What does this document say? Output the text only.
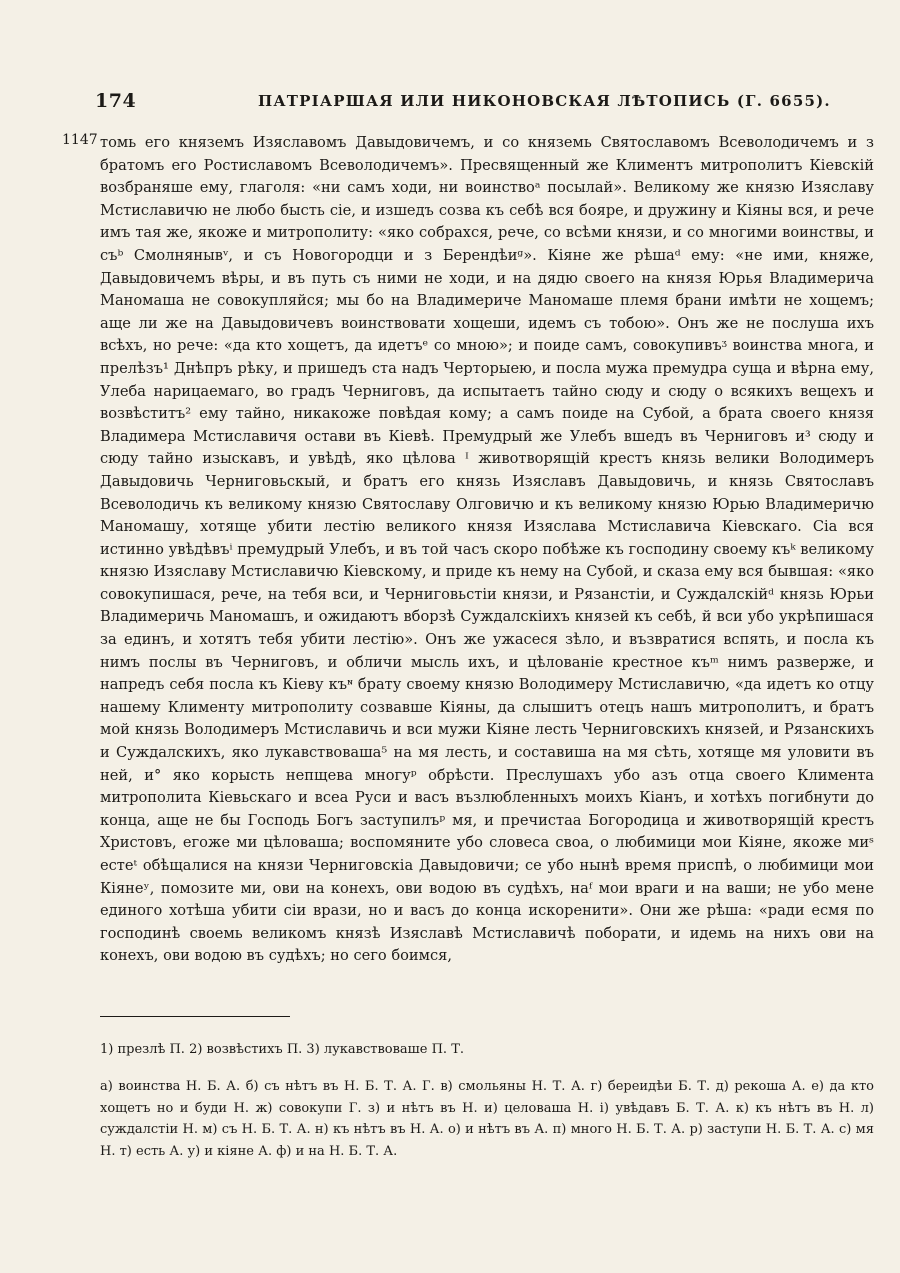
174	ПАТРІАРШАЯ ИЛИ НИКОНОВСКАЯ ЛѢТОПИСЬ (Г. 6655).
1147 томь его княземъ Изяславомъ Давыдовичемъ, и со княземь Святославомъ Всеволодичемъ и з братомъ его Ростиславомъ Всеволодичемъ». Пресвященный же Климентъ митрополитъ Кіевскій возбраняше ему, глаголя: «ни самъ ходи, ни воинствоᵃ посылай». Великому же князю Изяславу Мстиславичю не любо бысть сіе, и изшедъ созва къ себѣ вся бояре, и дружину и Кіяны вся, и рече имъ тая же, якоже и митрополиту: «яко собрахся, рече, со всѣми князи, и со многими воинствы, и съᵇ Смолнянывᵛ, и съ Новогородци и з Берендѣиᵍ». Кіяне же рѣшаᵈ ему: «не ими, княже, Давыдовичемъ вѣры, и въ путь съ ними не ходи, и на дядю своего на князя Юрья Владимерича Маномаша не совокупляйся; мы бо на Владимериче Маномаше племя брани имѣти не хощемъ; аще ли же на Давыдовичевъ воинствовати хощеши, идемъ съ тобою». Онъ же не послуша ихъ всѣхъ, но рече: «да кто хощетъ, да идетъᵉ со мною»; и поиде самъ, совокупивъᶾ воинства многа, и прелѣзъ¹ Днѣпръ рѣку, и пришедъ ста надъ Черторыею, и посла мужа премудра суща и вѣрна ему, Улеба нарицаемаго, во градъ Черниговъ, да испытаетъ тайно сюду и сюду о всякихъ вещехъ и возвѣститъ² ему тайно, никакоже повѣдая кому; а самъ поиде на Субой, а брата своего князя Владимера Мстиславичя остави въ Кіевѣ. Премудрый же Улебъ вшедъ въ Черниговъ и³ сюду и сюду тайно изыскавъ, и увѣдѣ, яко цѣлова ᴵ животворящій крестъ князь велики Володимеръ Давыдовичь Черниговьскый, и братъ его князь Изяславъ Давыдовичь, и князь Святославъ Всеволодичь къ великому князю Святославу Олговичю и къ великому князю Юрью Владимеричю Маномашу, хотяще убити лестію великого князя Изяслава Мстиславича Кіевскаго. Сіа вся истинно увѣдѣвъⁱ премудрый Улебъ, и въ той часъ скоро побѣже къ господину своему къᵏ великому князю Изяславу Мстиславичю Кіевскому, и приде къ нему на Субой, и сказа ему вся бывшая: «яко совокупишася, рече, на тебя вси, и Черниговьстіи князи, и Рязанстіи, и Суждалскійᵈ князь Юрьи Владимеричь Маномашъ, и ожидаютъ вборзѣ Суждалскіихъ князей къ себѣ, й вси убо укрѣпишася за единъ, и хотятъ тебя убити лестію». Онъ же ужасеся зѣло, и възвратися вспять, и посла къ нимъ послы въ Черниговъ, и обличи мысль ихъ, и цѣлованіе крестное къᵐ нимъ разверже, и напредъ себя посла къ Кіеву къᶰ брату своему князю Володимеру Мстиславичю, «да идетъ ко отцу нашему Клименту митрополиту созвавше Кіяны, да слышитъ отецъ нашъ митрополитъ, и братъ мой князь Володимеръ Мстиславичь и вси мужи Кіяне лесть Черниговскихъ князей, и Рязанскихъ и Суждалскихъ, яко лукавствоваша⁵ на мя лесть, и составиша на мя сѣть, хотяще мя уловити въ ней, и° яко корысть непщева многуᵖ обрѣсти. Преслушахъ убо азъ отца своего Климента митрополита Кіевьскаго и всеа Руси и васъ възлюбленныхъ моихъ Кіанъ, и хотѣхъ погибнути до конца, аще не бы Господь Богъ заступилъᵖ мя, и пречистаа Богородица и животворящій крестъ Христовъ, егоже ми цѣловаша; воспомяните убо словеса своа, о любимици мои Кіяне, якоже миˢ естеᵗ обѣщалися на князи Черниговскіа Давыдовичи; се убо нынѣ время приспѣ, о любимици мои Кіянеʸ, помозите ми, ови на конехъ, ови водою въ судѣхъ, наᶠ мои враги и на ваши; не убо мене единого хотѣша убити сіи врази, но и васъ до конца искоренити». Они же рѣша: «ради есмя по господинѣ своемь великомъ князѣ Изяславѣ Мстиславичѣ поборати, и идемь на нихъ ови на конехъ, ови водою въ судѣхъ; но сего боимся,

1) презлѣ П. 2) возвѣстихъ П. 3) лукавствоваше П. Т.

а) воинства Н. Б. А. б) съ нѣтъ въ Н. Б. Т. А. Г. в) смольяны Н. Т. А. г) береидѣи Б. Т. д) рекоша А. е) да кто хощетъ но и буди Н. ж) совокупи Г. з) и нѣтъ въ Н. и) целоваша Н. і) увѣдавъ Б. Т. А. к) къ нѣтъ въ Н. л) суждалстіи Н. м) съ Н. Б. Т. А. н) къ нѣтъ въ Н. А. о) и нѣтъ въ А. п) много Н. Б. Т. А. р) заступи Н. Б. Т. А. с) мя Н. т) есть А. у) и кіяне А. ф) и на Н. Б. Т. А.
